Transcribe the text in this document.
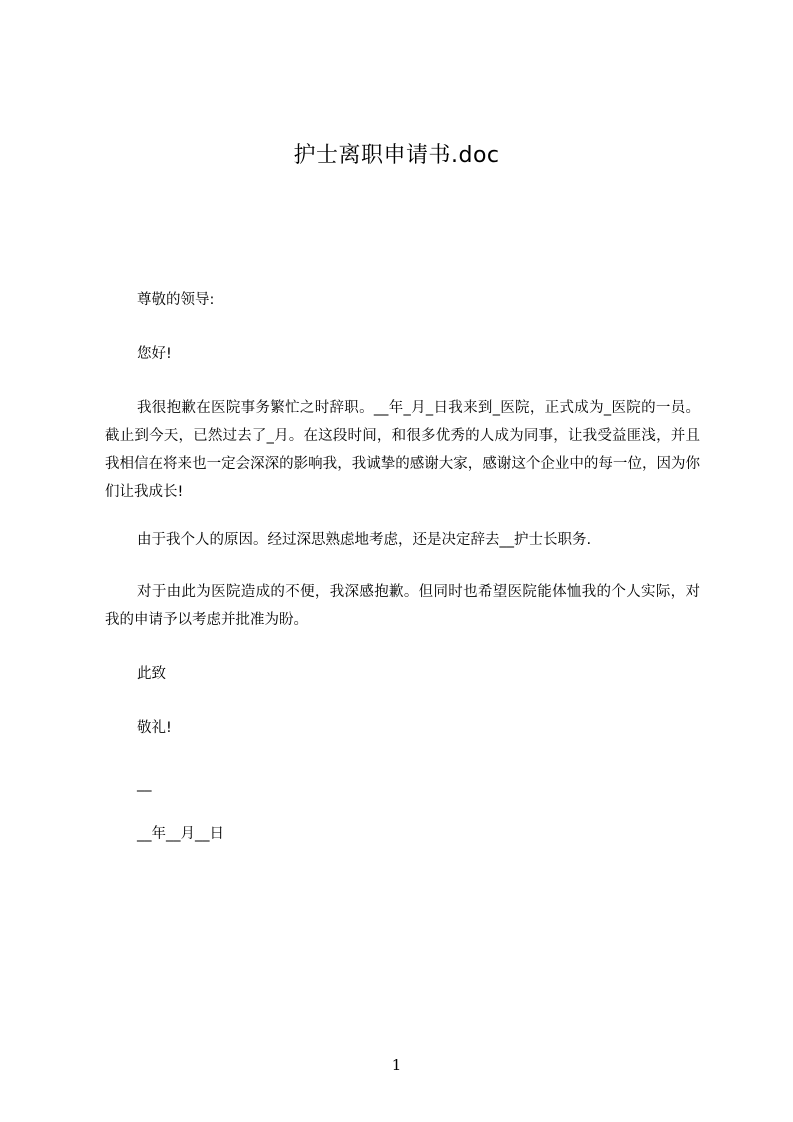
护士离职申请书.doc

尊敬的领导:

您好!

我很抱歉在医院事务繁忙之时辞职。__年_月_日我来到_医院，正式成为_医院的一员。截止到今天，已然过去了_月。在这段时间，和很多优秀的人成为同事，让我受益匪浅，并且我相信在将来也一定会深深的影响我，我诚挚的感谢大家，感谢这个企业中的每一位，因为你们让我成长!

由于我个人的原因。经过深思熟虑地考虑，还是决定辞去__护士长职务.

对于由此为医院造成的不便，我深感抱歉。但同时也希望医院能体恤我的个人实际，对我的申请予以考虑并批准为盼。

此致

敬礼!

__

__年__月__日

1
